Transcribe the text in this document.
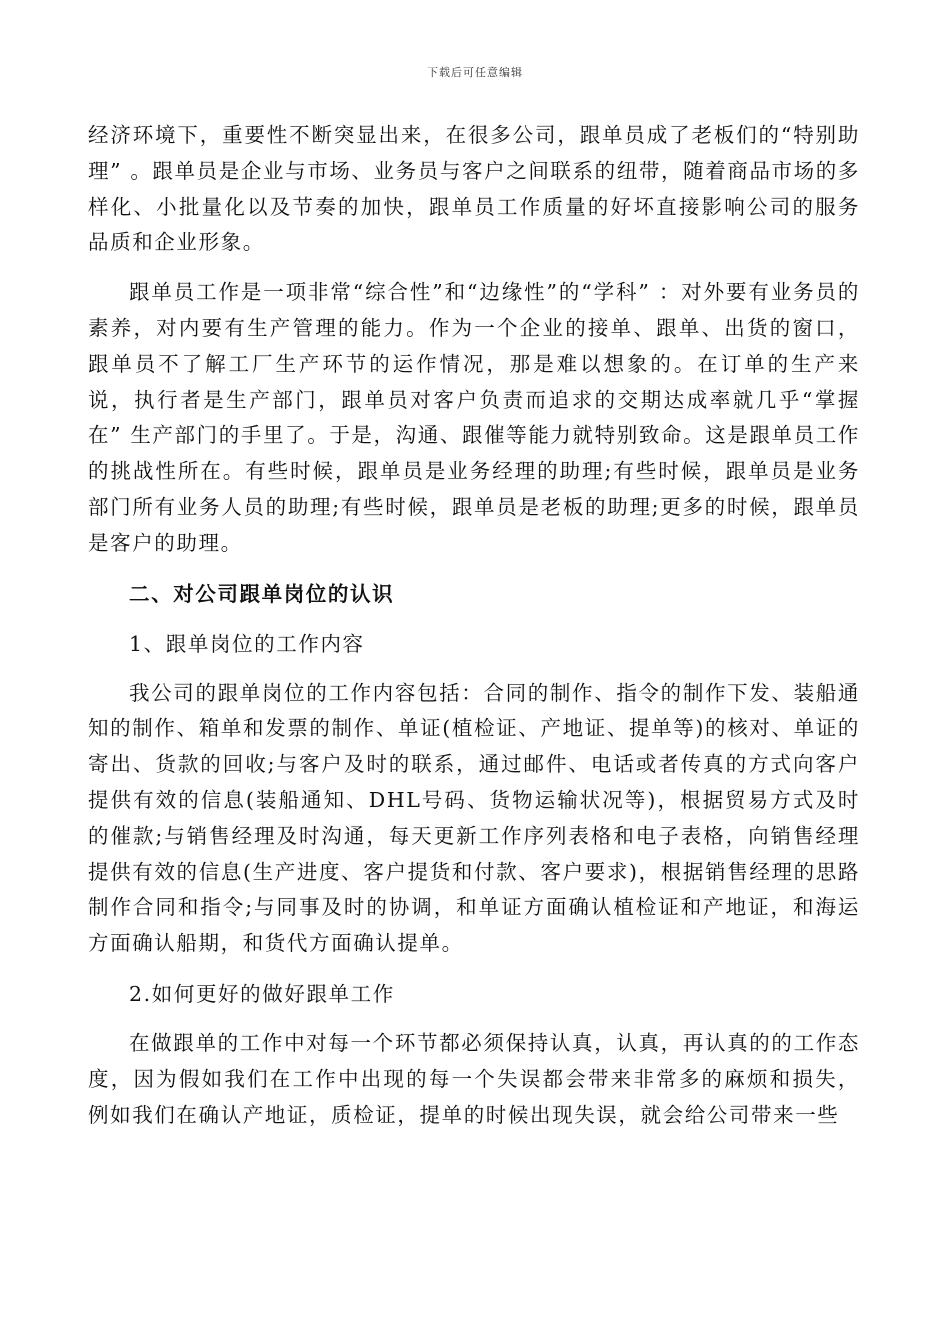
下载后可任意编辑

经济环境下，重要性不断突显出来，在很多公司，跟单员成了老板们的“特别助理” 。跟单员是企业与市场、业务员与客户之间联系的纽带，随着商品市场的多样化、小批量化以及节奏的加快，跟单员工作质量的好坏直接影响公司的服务品质和企业形象。

跟单员工作是一项非常“综合性”和“边缘性”的“学科” ：对外要有业务员的素养，对内要有生产管理的能力。作为一个企业的接单、跟单、出货的窗口，跟单员不了解工厂生产环节的运作情况，那是难以想象的。在订单的生产来说，执行者是生产部门，跟单员对客户负责而追求的交期达成率就几乎“掌握在” 生产部门的手里了。于是，沟通、跟催等能力就特别致命。这是跟单员工作的挑战性所在。有些时候，跟单员是业务经理的助理;有些时候，跟单员是业务部门所有业务人员的助理;有些时候，跟单员是老板的助理;更多的时候，跟单员是客户的助理。

二、对公司跟单岗位的认识

1、跟单岗位的工作内容

我公司的跟单岗位的工作内容包括：合同的制作、指令的制作下发、装船通知的制作、箱单和发票的制作、单证(植检证、产地证、提单等)的核对、单证的寄出、货款的回收;与客户及时的联系，通过邮件、电话或者传真的方式向客户提供有效的信息(装船通知、DHL号码、货物运输状况等)，根据贸易方式及时的催款;与销售经理及时沟通，每天更新工作序列表格和电子表格，向销售经理提供有效的信息(生产进度、客户提货和付款、客户要求)，根据销售经理的思路制作合同和指令;与同事及时的协调，和单证方面确认植检证和产地证，和海运方面确认船期，和货代方面确认提单。

2.如何更好的做好跟单工作

在做跟单的工作中对每一个环节都必须保持认真，认真，再认真的的工作态度，因为假如我们在工作中出现的每一个失误都会带来非常多的麻烦和损失，例如我们在确认产地证，质检证，提单的时候出现失误，就会给公司带来一些
